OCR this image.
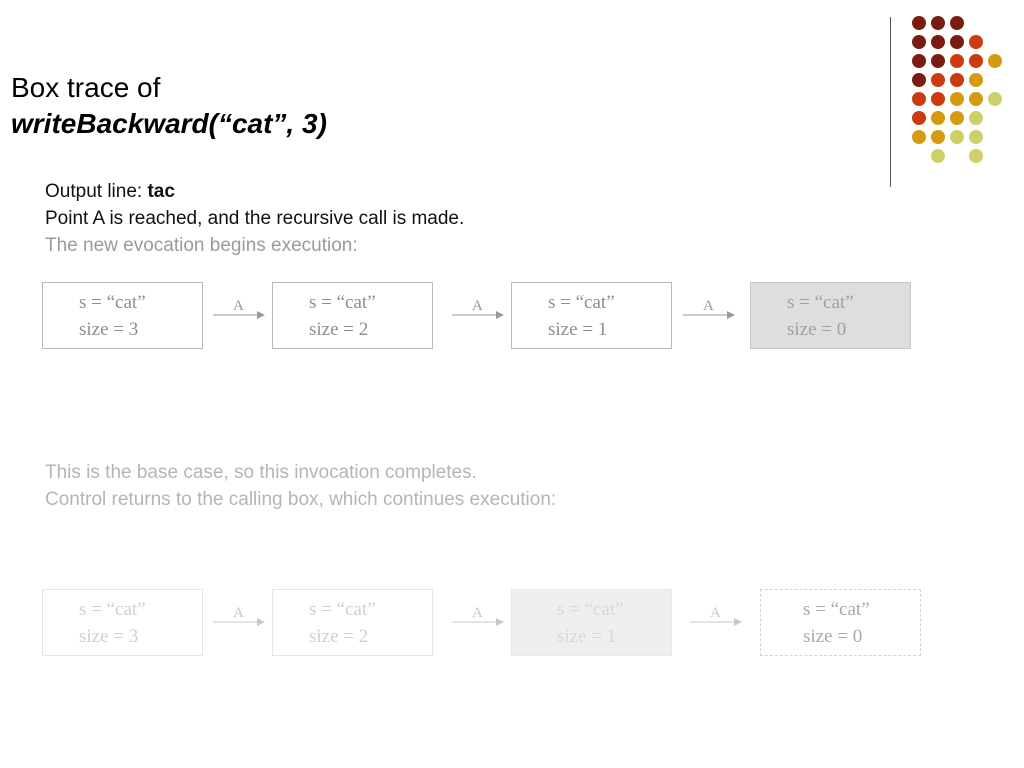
Box trace of
writeBackward(“cat”, 3)
Output line: tac
Point A is reached, and the recursive call is made.
The new evocation begins execution:
s = “cat”
size = 3
A	s = “cat”
size = 2
A	s = “cat”
size = 1
A	s = “cat”
size = 0
This is the base case, so this invocation completes.
Control returns to the calling box, which continues execution:
s = “cat”
size = 3
A	s = “cat”
size = 2
A	s = “cat”
size = 1
A	s = “cat”
size = 0
